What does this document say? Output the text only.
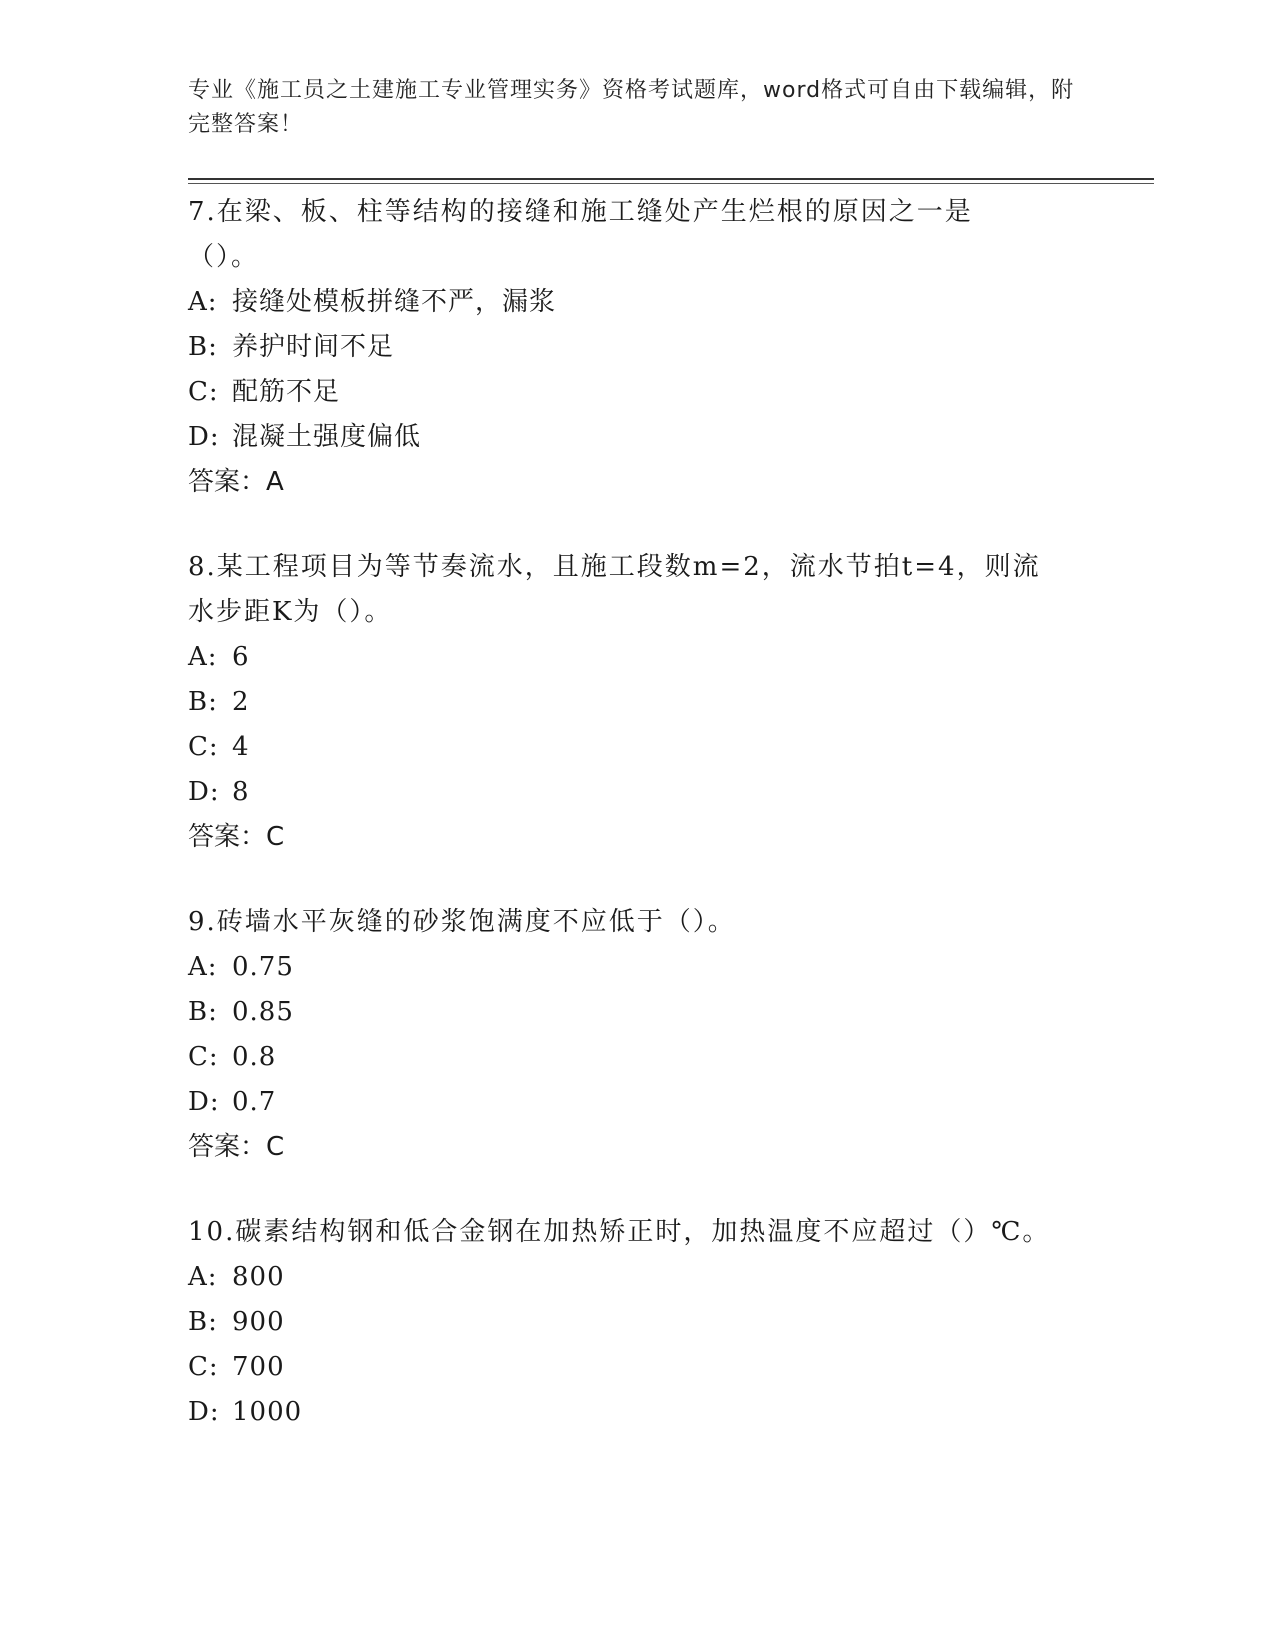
专业《施工员之土建施工专业管理实务》资格考试题库，word格式可自由下载编辑，附完整答案！

7.在梁、板、柱等结构的接缝和施工缝处产生烂根的原因之一是（）。

A: 接缝处模板拼缝不严，漏浆
B: 养护时间不足
C: 配筋不足
D: 混凝土强度偏低

答案：A

8.某工程项目为等节奏流水，且施工段数m=2，流水节拍t=4，则流水步距K为（）。

A: 6
B: 2
C: 4
D: 8

答案：C

9.砖墙水平灰缝的砂浆饱满度不应低于（）。

A: 0.75
B: 0.85
C: 0.8
D: 0.7

答案：C

10.碳素结构钢和低合金钢在加热矫正时，加热温度不应超过（）℃。

A: 800
B: 900
C: 700
D: 1000
